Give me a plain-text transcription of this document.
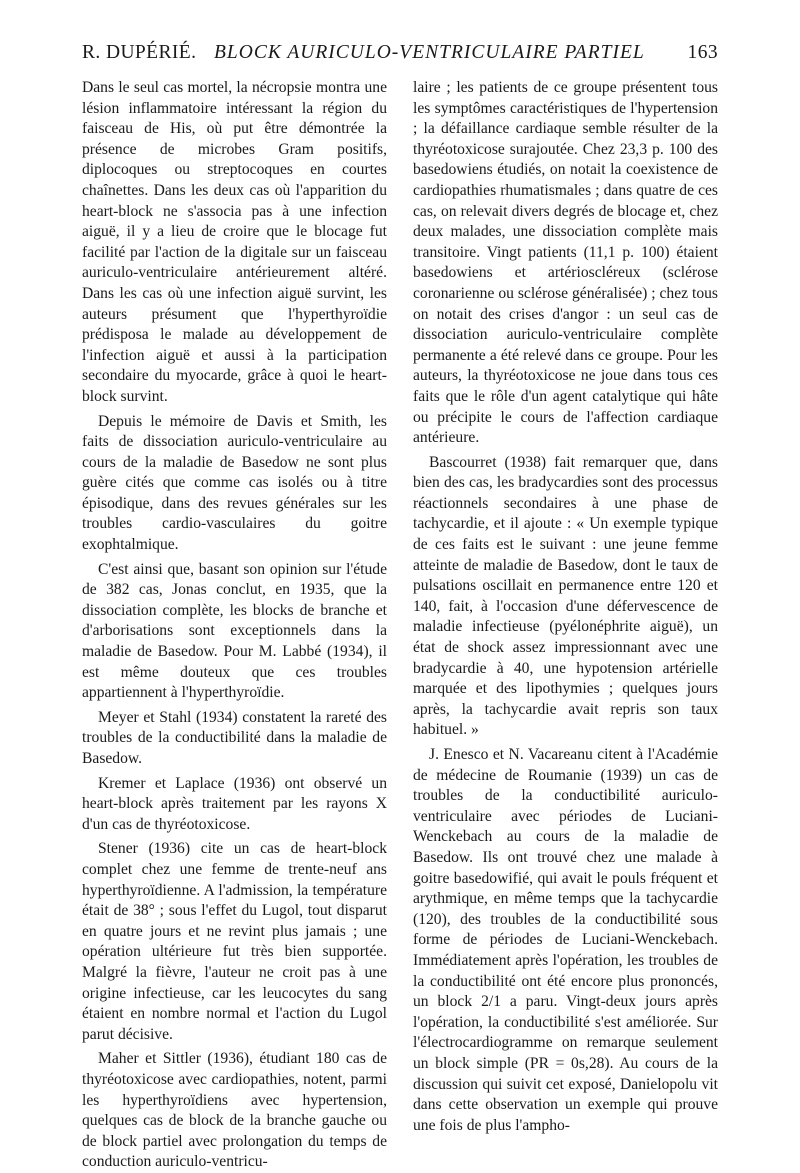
R. DUPÉRIÉ. BLOCK AURICULO-VENTRICULAIRE PARTIEL 163

Dans le seul cas mortel, la nécropsie montra une lésion inflammatoire intéressant la région du faisceau de His, où put être démontrée la présence de microbes Gram positifs, diplocoques ou streptocoques en courtes chaînettes. Dans les deux cas où l'apparition du heart-block ne s'associa pas à une infection aiguë, il y a lieu de croire que le blocage fut facilité par l'action de la digitale sur un faisceau auriculo-ventriculaire antérieurement altéré. Dans les cas où une infection aiguë survint, les auteurs présument que l'hyperthyroïdie prédisposa le malade au développement de l'infection aiguë et aussi à la participation secondaire du myocarde, grâce à quoi le heart-block survint.

Depuis le mémoire de Davis et Smith, les faits de dissociation auriculo-ventriculaire au cours de la maladie de Basedow ne sont plus guère cités que comme cas isolés ou à titre épisodique, dans des revues générales sur les troubles cardio-vasculaires du goitre exophtalmique.

C'est ainsi que, basant son opinion sur l'étude de 382 cas, Jonas conclut, en 1935, que la dissociation complète, les blocks de branche et d'arborisations sont exceptionnels dans la maladie de Basedow. Pour M. Labbé (1934), il est même douteux que ces troubles appartiennent à l'hyperthyroïdie.

Meyer et Stahl (1934) constatent la rareté des troubles de la conductibilité dans la maladie de Basedow.

Kremer et Laplace (1936) ont observé un heart-block après traitement par les rayons X d'un cas de thyréotoxicose.

Stener (1936) cite un cas de heart-block complet chez une femme de trente-neuf ans hyperthyroïdienne. A l'admission, la température était de 38° ; sous l'effet du Lugol, tout disparut en quatre jours et ne revint plus jamais ; une opération ultérieure fut très bien supportée. Malgré la fièvre, l'auteur ne croit pas à une origine infectieuse, car les leucocytes du sang étaient en nombre normal et l'action du Lugol parut décisive.

Maher et Sittler (1936), étudiant 180 cas de thyréotoxicose avec cardiopathies, notent, parmi les hyperthyroïdiens avec hypertension, quelques cas de block de la branche gauche ou de block partiel avec prolongation du temps de conduction auriculo-ventricu-

laire ; les patients de ce groupe présentent tous les symptômes caractéristiques de l'hypertension ; la défaillance cardiaque semble résulter de la thyréotoxicose surajoutée. Chez 23,3 p. 100 des basedowiens étudiés, on notait la coexistence de cardiopathies rhumatismales ; dans quatre de ces cas, on relevait divers degrés de blocage et, chez deux malades, une dissociation complète mais transitoire. Vingt patients (11,1 p. 100) étaient basedowiens et artérioscléreux (sclérose coronarienne ou sclérose généralisée) ; chez tous on notait des crises d'angor : un seul cas de dissociation auriculo-ventriculaire complète permanente a été relevé dans ce groupe. Pour les auteurs, la thyréotoxicose ne joue dans tous ces faits que le rôle d'un agent catalytique qui hâte ou précipite le cours de l'affection cardiaque antérieure.

Bascourret (1938) fait remarquer que, dans bien des cas, les bradycardies sont des processus réactionnels secondaires à une phase de tachycardie, et il ajoute : « Un exemple typique de ces faits est le suivant : une jeune femme atteinte de maladie de Basedow, dont le taux de pulsations oscillait en permanence entre 120 et 140, fait, à l'occasion d'une défervescence de maladie infectieuse (pyélonéphrite aiguë), un état de shock assez impressionnant avec une bradycardie à 40, une hypotension artérielle marquée et des lipothymies ; quelques jours après, la tachycardie avait repris son taux habituel. »

J. Enesco et N. Vacareanu citent à l'Académie de médecine de Roumanie (1939) un cas de troubles de la conductibilité auriculo-ventriculaire avec périodes de Luciani-Wenckebach au cours de la maladie de Basedow. Ils ont trouvé chez une malade à goitre basedowifié, qui avait le pouls fréquent et arythmique, en même temps que la tachycardie (120), des troubles de la conductibilité sous forme de périodes de Luciani-Wenckebach. Immédiatement après l'opération, les troubles de la conductibilité ont été encore plus prononcés, un block 2/1 a paru. Vingt-deux jours après l'opération, la conductibilité s'est améliorée. Sur l'électrocardiogramme on remarque seulement un block simple (PR = 0s,28). Au cours de la discussion qui suivit cet exposé, Danielopolu vit dans cette observation un exemple qui prouve une fois de plus l'ampho-
